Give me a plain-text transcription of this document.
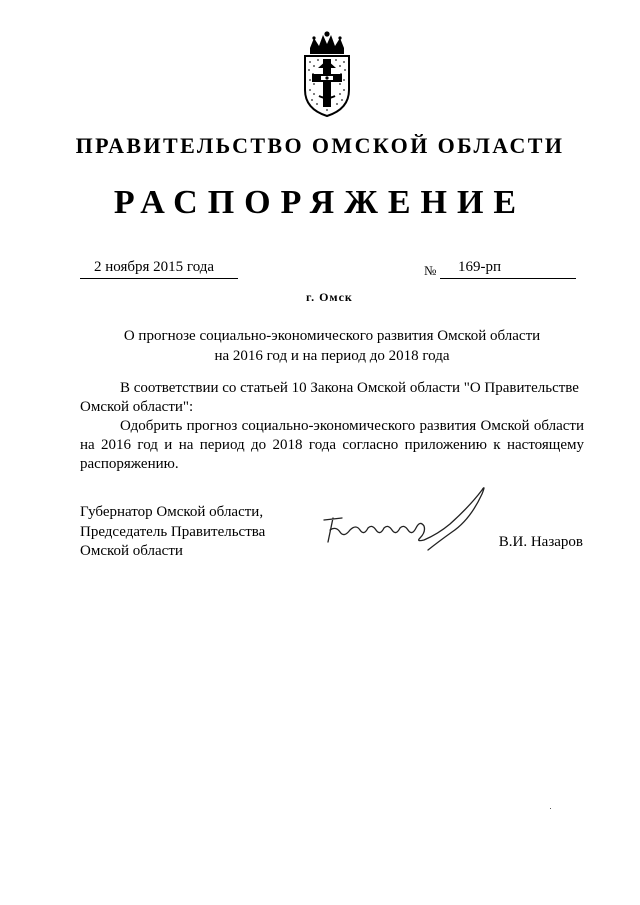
ПРАВИТЕЛЬСТВО ОМСКОЙ ОБЛАСТИ
РАСПОРЯЖЕНИЕ
2 ноября 2015 года	№ 169-рп
г. Омск
О прогнозе социально-экономического развития Омской области
на 2016 год и на период до 2018 года
В соответствии со статьей 10 Закона Омской области "О Правительстве Омской области":
Одобрить прогноз социально-экономического развития Омской области на 2016 год и на период до 2018 года согласно приложению к настоящему распоряжению.
Губернатор Омской области,
Председатель Правительства
Омской области
В.И. Назаров
